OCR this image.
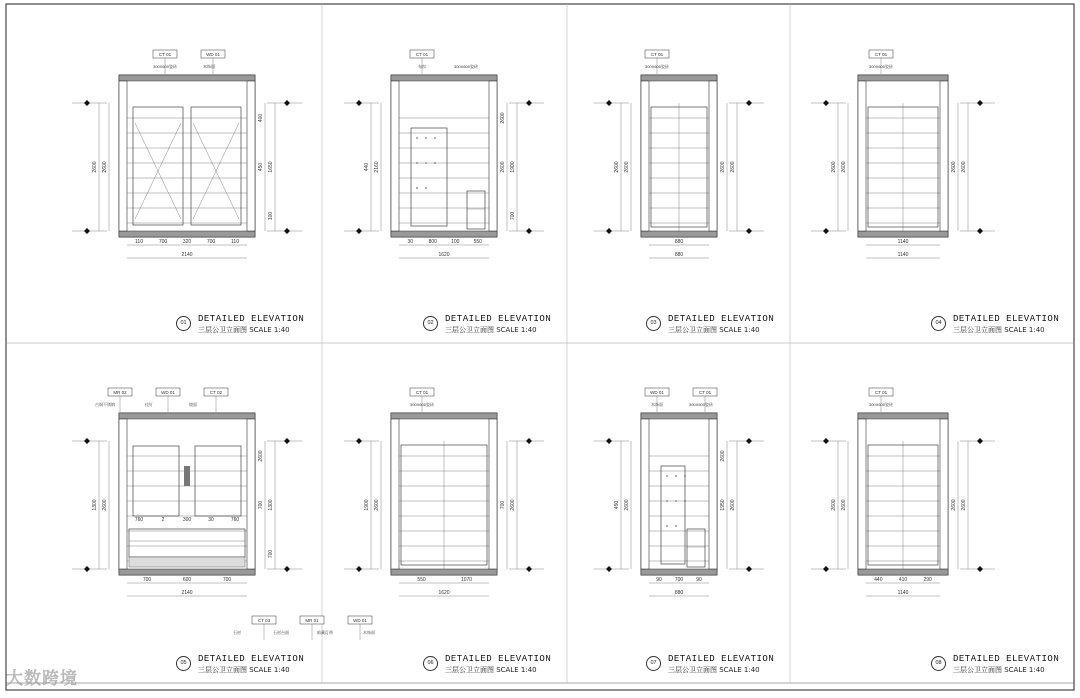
2600 2600	450 1650
400
100
110	700	320	700	110
2140
CT 01	WD 01
300X600瓷砖	木饰面
440 2160	2600 1900
2600
700
30	800	100	550
1620
CT 01
布帘	300X600瓷砖
2600 2600	2600 2600
880
880
CT 01
300X600瓷砖
2600 2600	2600 2600
1140
1140
CT 01
300X600瓷砖
1300 2600	700 1300
2600
700
700	600	700
2140
760	2	300	30	760
MR 02	WD 01	CT 02
CT 03	MR 01	WD 01
古铜不锈钢	挂钉	镜面
石材	石材台面	暗藏灯带	木饰面
1900 2600	700 2600
550	1070
1620
CT 01
300X600瓷砖
450 2600	1950 2600
2600
90	700	90
880
WD 01	CT 01
木饰面	300X600瓷砖
2600 2600	2600 2600
440	410	290
1140
CT 01
300X600瓷砖
01	DETAILED ELEVATION
三层公卫立面图 SCALE 1:40
02	DETAILED ELEVATION
三层公卫立面图 SCALE 1:40
03	DETAILED ELEVATION
三层公卫立面图 SCALE 1:40
04	DETAILED ELEVATION
三层公卫立面图 SCALE 1:40
05	DETAILED ELEVATION
三层公卫立面图 SCALE 1:40
06	DETAILED ELEVATION
三层公卫立面图 SCALE 1:40
07	DETAILED ELEVATION
三层公卫立面图 SCALE 1:40
08	DETAILED ELEVATION
三层公卫立面图 SCALE 1:40
大数跨境
